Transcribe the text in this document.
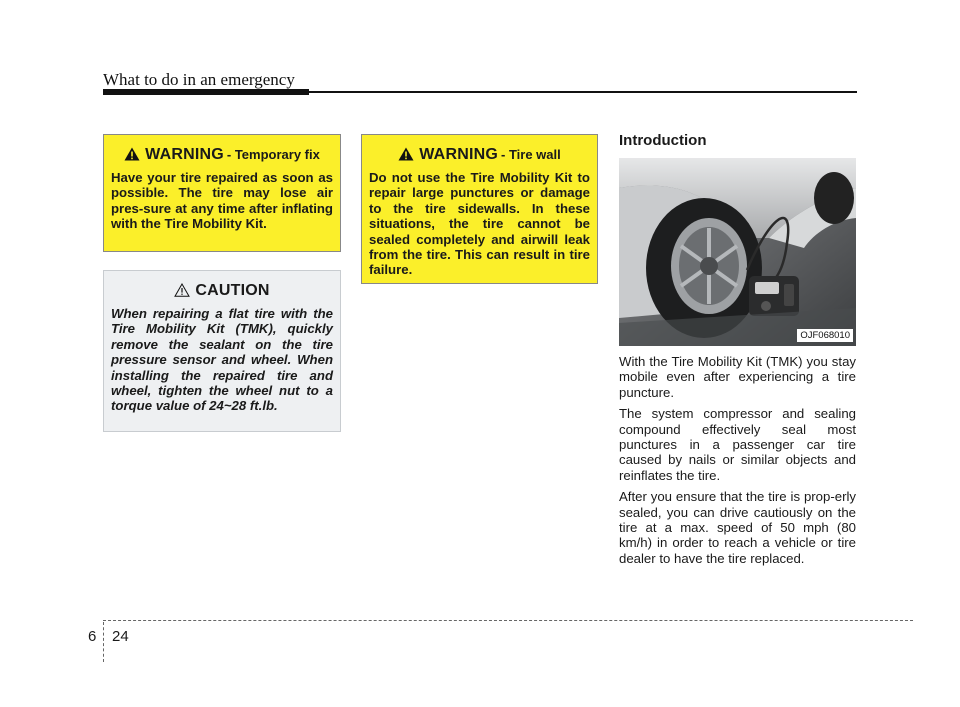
What to do in an emergency
WARNING - Temporary fix
Have your tire repaired as soon as possible. The tire may lose air pres-sure at any time after inflating with the Tire Mobility Kit.
CAUTION
When repairing a flat tire with the Tire Mobility Kit (TMK), quickly remove the sealant on the tire pressure sensor and wheel. When installing the repaired tire and wheel, tighten the wheel nut to a torque value of 24~28 ft.lb.
WARNING - Tire wall
Do not use the Tire Mobility Kit to repair large punctures or damage to the tire sidewalls. In these situations, the tire cannot be sealed completely and airwill leak from the tire. This can result in tire failure.
Introduction
OJF068010

With the Tire Mobility Kit (TMK) you stay mobile even after experiencing a tire puncture.

The system compressor and sealing compound effectively seal most punctures in a passenger car tire caused by nails or similar objects and reinflates the tire.

After you ensure that the tire is prop-erly sealed, you can drive cautiously on the tire at a max. speed of 50 mph (80 km/h) in order to reach a vehicle or tire dealer to have the tire replaced.

6 24
